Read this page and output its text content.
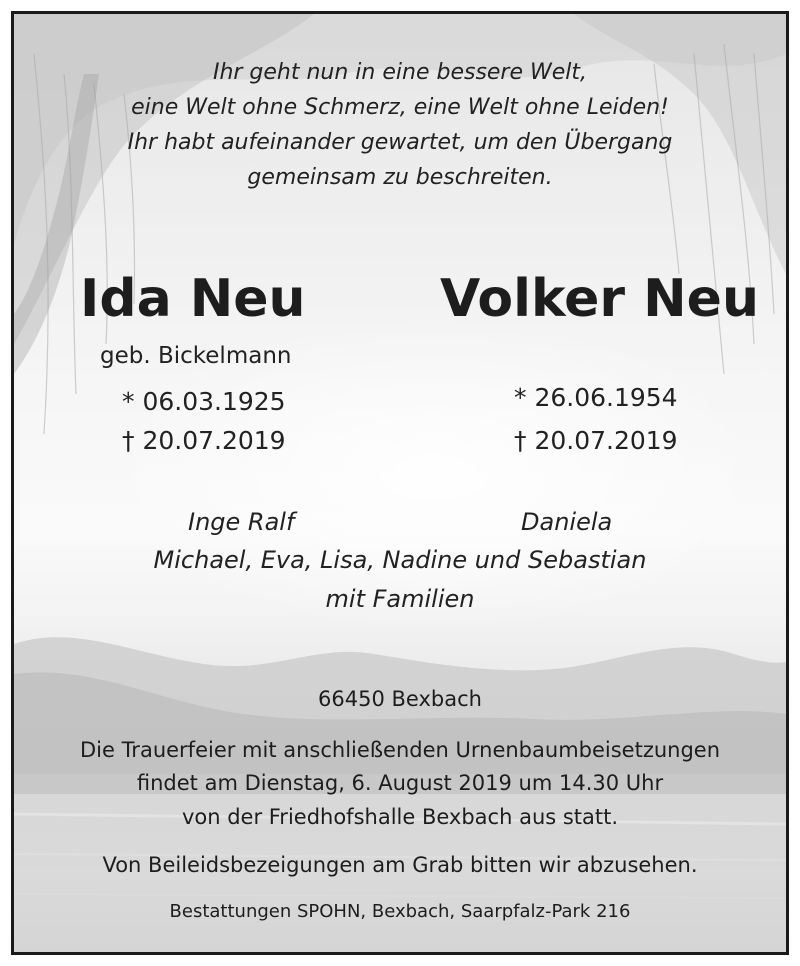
Ihr geht nun in eine bessere Welt,
eine Welt ohne Schmerz, eine Welt ohne Leiden!
Ihr habt aufeinander gewartet, um den Übergang
gemeinsam zu beschreiten.
Ida Neu	Volker Neu
geb. Bickelmann
* 06.03.1925
† 20.07.2019
* 26.06.1954
† 20.07.2019
Inge Ralf	Daniela
Michael, Eva, Lisa, Nadine und Sebastian
mit Familien
66450 Bexbach
Die Trauerfeier mit anschließenden Urnenbaumbeisetzungen
findet am Dienstag, 6. August 2019 um 14.30 Uhr
von der Friedhofshalle Bexbach aus statt.
Von Beileidsbezeigungen am Grab bitten wir abzusehen.
Bestattungen SPOHN, Bexbach, Saarpfalz-Park 216
